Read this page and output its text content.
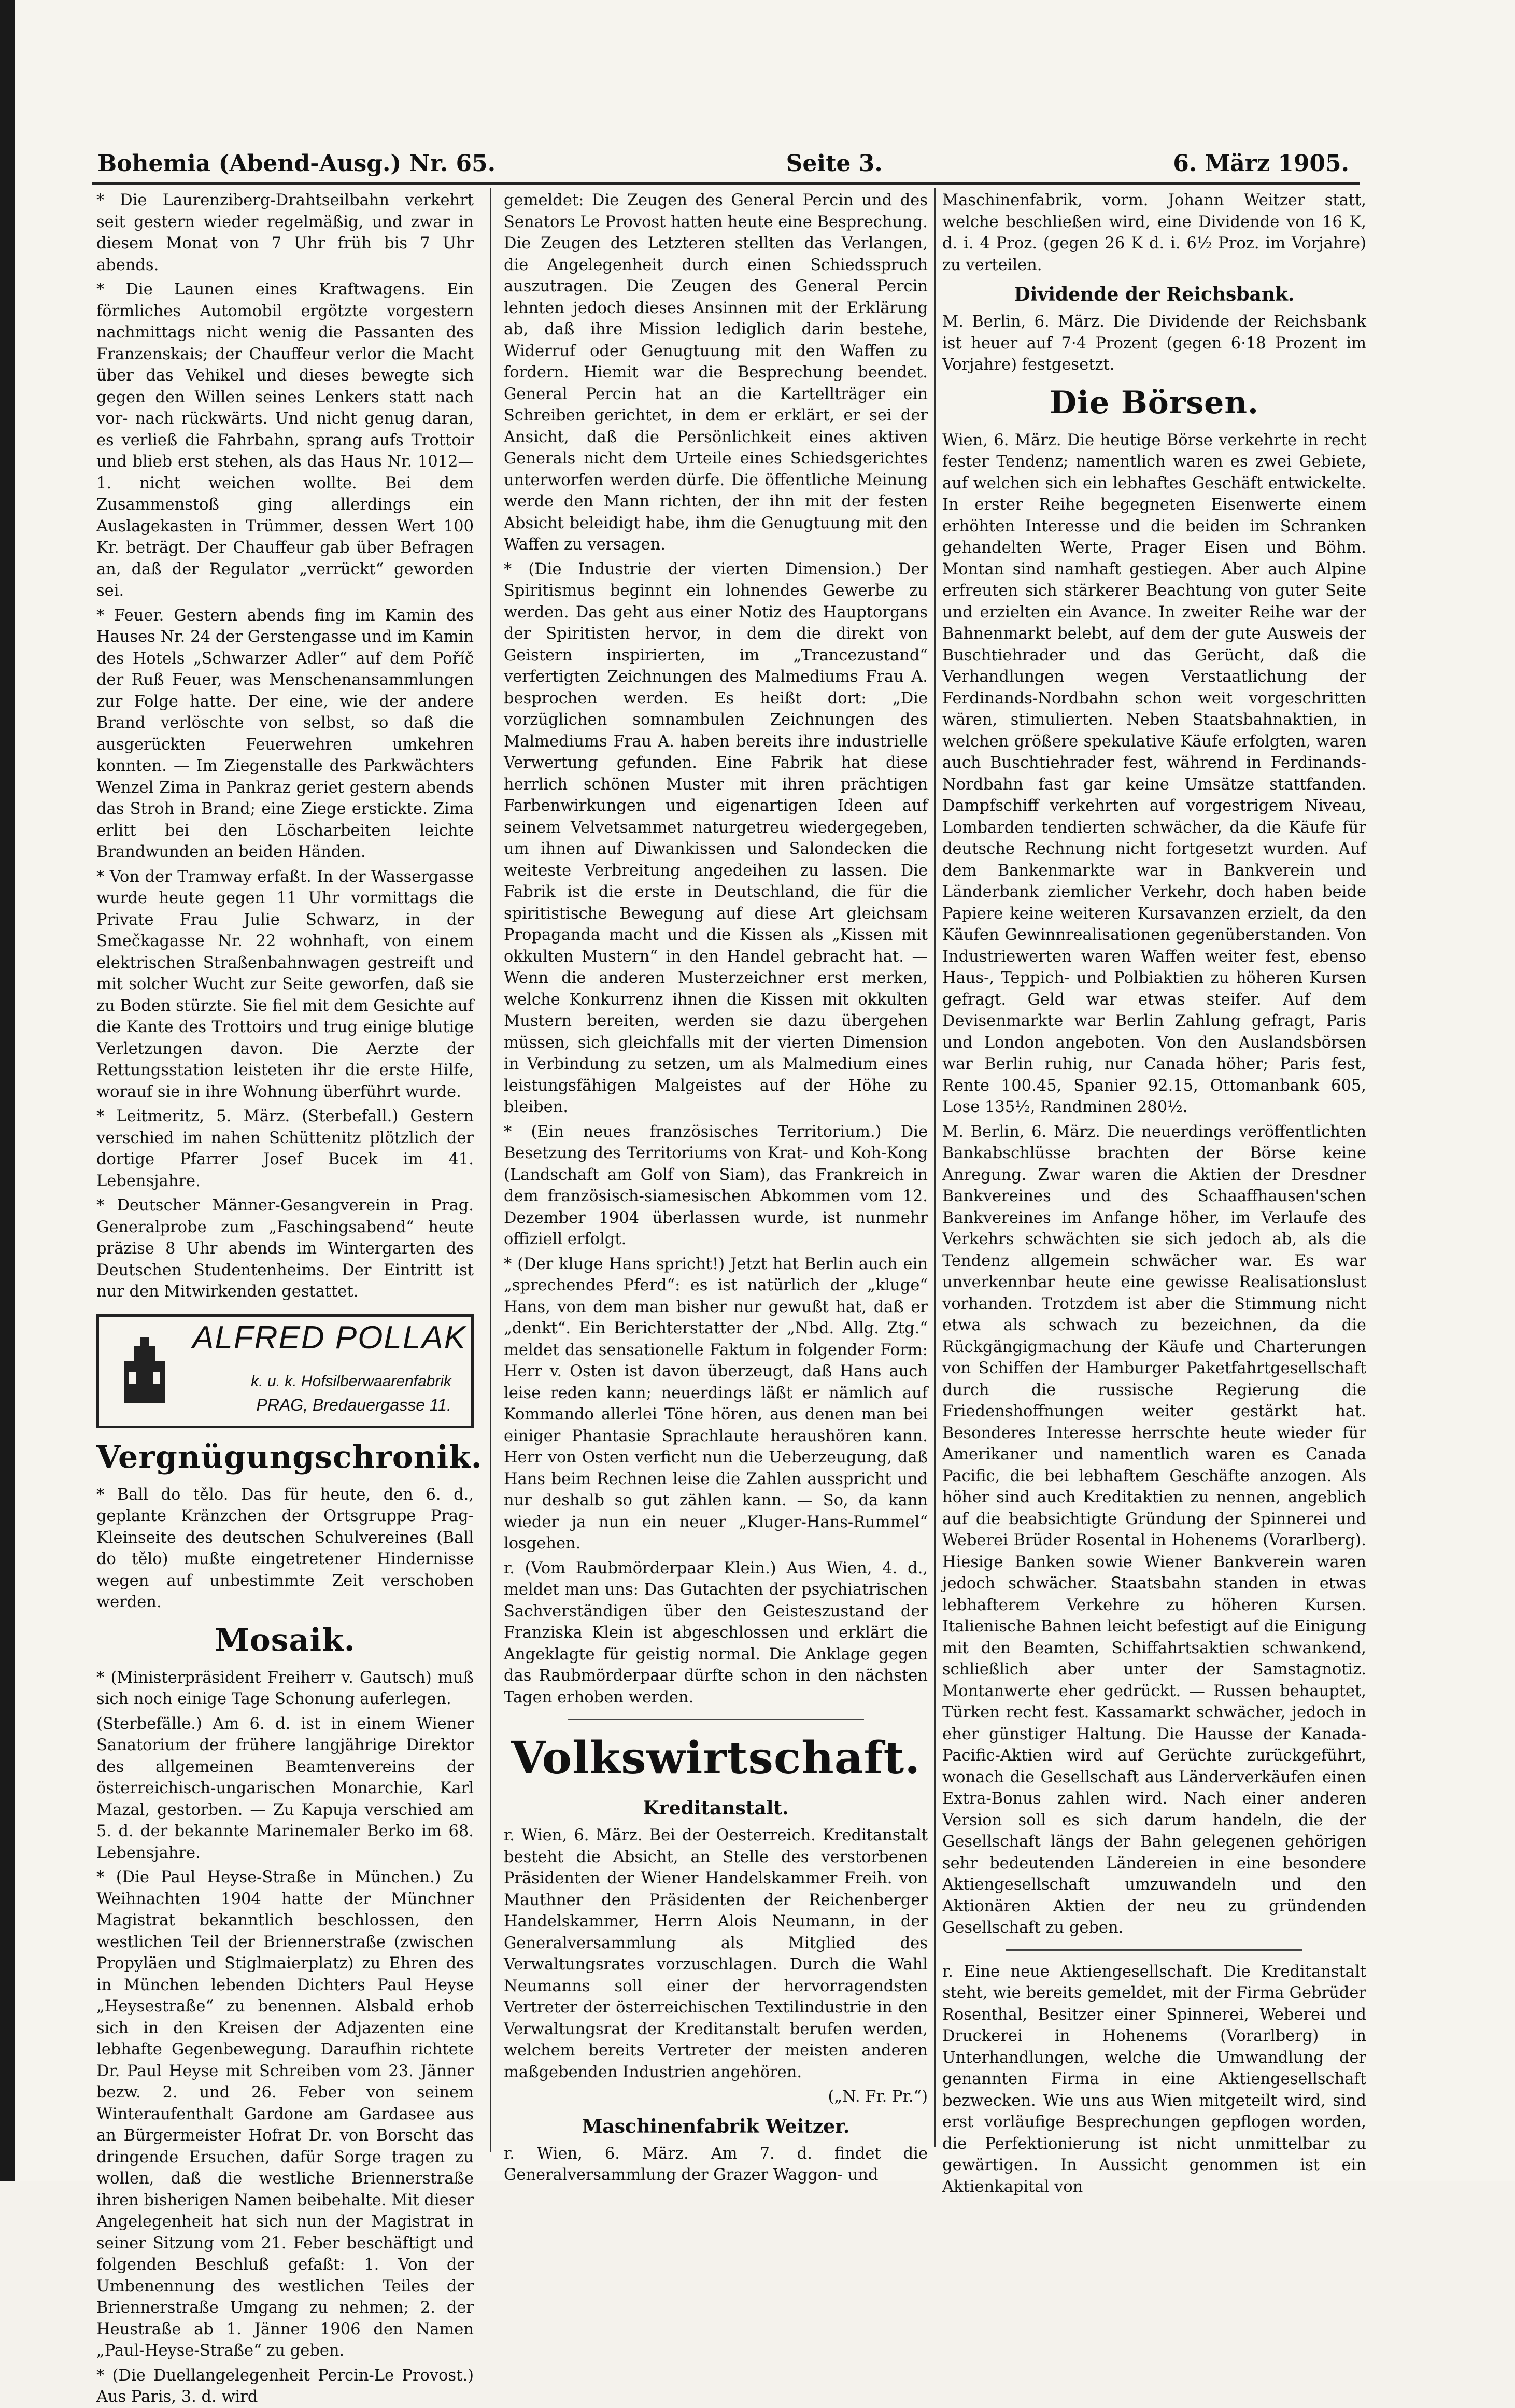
Bohemia (Abend-Ausg.) Nr. 65.	Seite 3.	6. März 1905.

* Die Laurenziberg-Drahtseilbahn verkehrt seit gestern wieder regelmäßig, und zwar in diesem Monat von 7 Uhr früh bis 7 Uhr abends.

* Die Launen eines Kraftwagens. Ein förmliches Automobil ergötzte vorgestern nachmittags nicht wenig die Passanten des Franzenskais; der Chauffeur verlor die Macht über das Vehikel und dieses bewegte sich gegen den Willen seines Lenkers statt nach vor- nach rückwärts. Und nicht genug daran, es verließ die Fahrbahn, sprang aufs Trottoir und blieb erst stehen, als das Haus Nr. 1012—1. nicht weichen wollte. Bei dem Zusammenstoß ging allerdings ein Auslagekasten in Trümmer, dessen Wert 100 Kr. beträgt. Der Chauffeur gab über Befragen an, daß der Regulator „verrückt“ geworden sei.

* Feuer. Gestern abends fing im Kamin des Hauses Nr. 24 der Gerstengasse und im Kamin des Hotels „Schwarzer Adler“ auf dem Poříč der Ruß Feuer, was Menschenansammlungen zur Folge hatte. Der eine, wie der andere Brand verlöschte von selbst, so daß die ausgerückten Feuerwehren umkehren konnten. — Im Ziegenstalle des Parkwächters Wenzel Zima in Pankraz geriet gestern abends das Stroh in Brand; eine Ziege erstickte. Zima erlitt bei den Löscharbeiten leichte Brandwunden an beiden Händen.

* Von der Tramway erfaßt. In der Wassergasse wurde heute gegen 11 Uhr vormittags die Private Frau Julie Schwarz, in der Smečkagasse Nr. 22 wohnhaft, von einem elektrischen Straßenbahnwagen gestreift und mit solcher Wucht zur Seite geworfen, daß sie zu Boden stürzte. Sie fiel mit dem Gesichte auf die Kante des Trottoirs und trug einige blutige Verletzungen davon. Die Aerzte der Rettungsstation leisteten ihr die erste Hilfe, worauf sie in ihre Wohnung überführt wurde.

* Leitmeritz, 5. März. (Sterbefall.) Gestern verschied im nahen Schüttenitz plötzlich der dortige Pfarrer Josef Bucek im 41. Lebensjahre.

* Deutscher Männer-Gesangverein in Prag. Generalprobe zum „Faschingsabend“ heute präzise 8 Uhr abends im Wintergarten des Deutschen Studentenheims. Der Eintritt ist nur den Mitwirkenden gestattet.

ALFRED POLLAK
k. u. k. Hofsilberwaarenfabrik
PRAG, Bredauergasse 11.
Vergnügungschronik.

* Ball do tělo. Das für heute, den 6. d., geplante Kränzchen der Ortsgruppe Prag-Kleinseite des deutschen Schulvereines (Ball do tělo) mußte eingetretener Hindernisse wegen auf unbestimmte Zeit verschoben werden.

Mosaik.

* (Ministerpräsident Freiherr v. Gautsch) muß sich noch einige Tage Schonung auferlegen.

(Sterbefälle.) Am 6. d. ist in einem Wiener Sanatorium der frühere langjährige Direktor des allgemeinen Beamtenvereins der österreichisch-ungarischen Monarchie, Karl Mazal, gestorben. — Zu Kapuja verschied am 5. d. der bekannte Marinemaler Berko im 68. Lebensjahre.

* (Die Paul Heyse-Straße in München.) Zu Weihnachten 1904 hatte der Münchner Magistrat bekanntlich beschlossen, den westlichen Teil der Briennerstraße (zwischen Propyläen und Stiglmaierplatz) zu Ehren des in München lebenden Dichters Paul Heyse „Heysestraße“ zu benennen. Alsbald erhob sich in den Kreisen der Adjazenten eine lebhafte Gegenbewegung. Daraufhin richtete Dr. Paul Heyse mit Schreiben vom 23. Jänner bezw. 2. und 26. Feber von seinem Winteraufenthalt Gardone am Gardasee aus an Bürgermeister Hofrat Dr. von Borscht das dringende Ersuchen, dafür Sorge tragen zu wollen, daß die westliche Briennerstraße ihren bisherigen Namen beibehalte. Mit dieser Angelegenheit hat sich nun der Magistrat in seiner Sitzung vom 21. Feber beschäftigt und folgenden Beschluß gefaßt: 1. Von der Umbenennung des westlichen Teiles der Briennerstraße Umgang zu nehmen; 2. der Heustraße ab 1. Jänner 1906 den Namen „Paul-Heyse-Straße“ zu geben.

* (Die Duellangelegenheit Percin-Le Provost.) Aus Paris, 3. d. wird

gemeldet: Die Zeugen des General Percin und des Senators Le Provost hatten heute eine Besprechung. Die Zeugen des Letzteren stellten das Verlangen, die Angelegenheit durch einen Schiedsspruch auszutragen. Die Zeugen des General Percin lehnten jedoch dieses Ansinnen mit der Erklärung ab, daß ihre Mission lediglich darin bestehe, Widerruf oder Genugtuung mit den Waffen zu fordern. Hiemit war die Besprechung beendet. General Percin hat an die Kartellträger ein Schreiben gerichtet, in dem er erklärt, er sei der Ansicht, daß die Persönlichkeit eines aktiven Generals nicht dem Urteile eines Schiedsgerichtes unterworfen werden dürfe. Die öffentliche Meinung werde den Mann richten, der ihn mit der festen Absicht beleidigt habe, ihm die Genugtuung mit den Waffen zu versagen.

* (Die Industrie der vierten Dimension.) Der Spiritismus beginnt ein lohnendes Gewerbe zu werden. Das geht aus einer Notiz des Hauptorgans der Spiritisten hervor, in dem die direkt von Geistern inspirierten, im „Trancezustand“ verfertigten Zeichnungen des Malmediums Frau A. besprochen werden. Es heißt dort: „Die vorzüglichen somnambulen Zeichnungen des Malmediums Frau A. haben bereits ihre industrielle Verwertung gefunden. Eine Fabrik hat diese herrlich schönen Muster mit ihren prächtigen Farbenwirkungen und eigenartigen Ideen auf seinem Velvetsammet naturgetreu wiedergegeben, um ihnen auf Diwankissen und Salondecken die weiteste Verbreitung angedeihen zu lassen. Die Fabrik ist die erste in Deutschland, die für die spiritistische Bewegung auf diese Art gleichsam Propaganda macht und die Kissen als „Kissen mit okkulten Mustern“ in den Handel gebracht hat. — Wenn die anderen Musterzeichner erst merken, welche Konkurrenz ihnen die Kissen mit okkulten Mustern bereiten, werden sie dazu übergehen müssen, sich gleichfalls mit der vierten Dimension in Verbindung zu setzen, um als Malmedium eines leistungsfähigen Malgeistes auf der Höhe zu bleiben.

* (Ein neues französisches Territorium.) Die Besetzung des Territoriums von Krat- und Koh-Kong (Landschaft am Golf von Siam), das Frankreich in dem französisch-siamesischen Abkommen vom 12. Dezember 1904 überlassen wurde, ist nunmehr offiziell erfolgt.

* (Der kluge Hans spricht!) Jetzt hat Berlin auch ein „sprechendes Pferd“: es ist natürlich der „kluge“ Hans, von dem man bisher nur gewußt hat, daß er „denkt“. Ein Berichterstatter der „Nbd. Allg. Ztg.“ meldet das sensationelle Faktum in folgender Form: Herr v. Osten ist davon überzeugt, daß Hans auch leise reden kann; neuerdings läßt er nämlich auf Kommando allerlei Töne hören, aus denen man bei einiger Phantasie Sprachlaute heraushören kann. Herr von Osten verficht nun die Ueberzeugung, daß Hans beim Rechnen leise die Zahlen ausspricht und nur deshalb so gut zählen kann. — So, da kann wieder ja nun ein neuer „Kluger-Hans-Rummel“ losgehen.

r. (Vom Raubmörderpaar Klein.) Aus Wien, 4. d., meldet man uns: Das Gutachten der psychiatrischen Sachverständigen über den Geisteszustand der Franziska Klein ist abgeschlossen und erklärt die Angeklagte für geistig normal. Die Anklage gegen das Raubmörderpaar dürfte schon in den nächsten Tagen erhoben werden.

Volkswirtschaft.
Kreditanstalt.

r. Wien, 6. März. Bei der Oesterreich. Kreditanstalt besteht die Absicht, an Stelle des verstorbenen Präsidenten der Wiener Handelskammer Freih. von Mauthner den Präsidenten der Reichenberger Handelskammer, Herrn Alois Neumann, in der Generalversammlung als Mitglied des Verwaltungsrates vorzuschlagen. Durch die Wahl Neumanns soll einer der hervorragendsten Vertreter der österreichischen Textilindustrie in den Verwaltungsrat der Kreditanstalt berufen werden, welchem bereits Vertreter der meisten anderen maßgebenden Industrien angehören.

(„N. Fr. Pr.“)

Maschinenfabrik Weitzer.

r. Wien, 6. März. Am 7. d. findet die Generalversammlung der Grazer Waggon- und

Maschinenfabrik, vorm. Johann Weitzer statt, welche beschließen wird, eine Dividende von 16 K, d. i. 4 Proz. (gegen 26 K d. i. 6½ Proz. im Vorjahre) zu verteilen.

Dividende der Reichsbank.

M. Berlin, 6. März. Die Dividende der Reichsbank ist heuer auf 7·4 Prozent (gegen 6·18 Prozent im Vorjahre) festgesetzt.

Die Börsen.

Wien, 6. März. Die heutige Börse verkehrte in recht fester Tendenz; namentlich waren es zwei Gebiete, auf welchen sich ein lebhaftes Geschäft entwickelte. In erster Reihe begegneten Eisenwerte einem erhöhten Interesse und die beiden im Schranken gehandelten Werte, Prager Eisen und Böhm. Montan sind namhaft gestiegen. Aber auch Alpine erfreuten sich stärkerer Beachtung von guter Seite und erzielten ein Avance. In zweiter Reihe war der Bahnenmarkt belebt, auf dem der gute Ausweis der Buschtiehrader und das Gerücht, daß die Verhandlungen wegen Verstaatlichung der Ferdinands-Nordbahn schon weit vorgeschritten wären, stimulierten. Neben Staatsbahnaktien, in welchen größere spekulative Käufe erfolgten, waren auch Buschtiehrader fest, während in Ferdinands-Nordbahn fast gar keine Umsätze stattfanden. Dampfschiff verkehrten auf vorgestrigem Niveau, Lombarden tendierten schwächer, da die Käufe für deutsche Rechnung nicht fortgesetzt wurden. Auf dem Bankenmarkte war in Bankverein und Länderbank ziemlicher Verkehr, doch haben beide Papiere keine weiteren Kursavanzen erzielt, da den Käufen Gewinnrealisationen gegenüberstanden. Von Industriewerten waren Waffen weiter fest, ebenso Haus-, Teppich- und Polbiaktien zu höheren Kursen gefragt. Geld war etwas steifer. Auf dem Devisenmarkte war Berlin Zahlung gefragt, Paris und London angeboten. Von den Auslandsbörsen war Berlin ruhig, nur Canada höher; Paris fest, Rente 100.45, Spanier 92.15, Ottomanbank 605, Lose 135½, Randminen 280½.

M. Berlin, 6. März. Die neuerdings veröffentlichten Bankabschlüsse brachten der Börse keine Anregung. Zwar waren die Aktien der Dresdner Bankvereines und des Schaaffhausen'schen Bankvereines im Anfange höher, im Verlaufe des Verkehrs schwächten sie sich jedoch ab, als die Tendenz allgemein schwächer war. Es war unverkennbar heute eine gewisse Realisationslust vorhanden. Trotzdem ist aber die Stimmung nicht etwa als schwach zu bezeichnen, da die Rückgängigmachung der Käufe und Charterungen von Schiffen der Hamburger Paketfahrtgesellschaft durch die russische Regierung die Friedenshoffnungen weiter gestärkt hat. Besonderes Interesse herrschte heute wieder für Amerikaner und namentlich waren es Canada Pacific, die bei lebhaftem Geschäfte anzogen. Als höher sind auch Kreditaktien zu nennen, angeblich auf die beabsichtigte Gründung der Spinnerei und Weberei Brüder Rosental in Hohenems (Vorarlberg). Hiesige Banken sowie Wiener Bankverein waren jedoch schwächer. Staatsbahn standen in etwas lebhafterem Verkehre zu höheren Kursen. Italienische Bahnen leicht befestigt auf die Einigung mit den Beamten, Schiffahrtsaktien schwankend, schließlich aber unter der Samstagnotiz. Montanwerte eher gedrückt. — Russen behauptet, Türken recht fest. Kassamarkt schwächer, jedoch in eher günstiger Haltung. Die Hausse der Kanada-Pacific-Aktien wird auf Gerüchte zurückgeführt, wonach die Gesellschaft aus Länderverkäufen einen Extra-Bonus zahlen wird. Nach einer anderen Version soll es sich darum handeln, die der Gesellschaft längs der Bahn gelegenen gehörigen sehr bedeutenden Ländereien in eine besondere Aktiengesellschaft umzuwandeln und den Aktionären Aktien der neu zu gründenden Gesellschaft zu geben.

r. Eine neue Aktiengesellschaft. Die Kreditanstalt steht, wie bereits gemeldet, mit der Firma Gebrüder Rosenthal, Besitzer einer Spinnerei, Weberei und Druckerei in Hohenems (Vorarlberg) in Unterhandlungen, welche die Umwandlung der genannten Firma in eine Aktiengesellschaft bezwecken. Wie uns aus Wien mitgeteilt wird, sind erst vorläufige Besprechungen gepflogen worden, die Perfektionierung ist nicht unmittelbar zu gewärtigen. In Aussicht genommen ist ein Aktienkapital von
